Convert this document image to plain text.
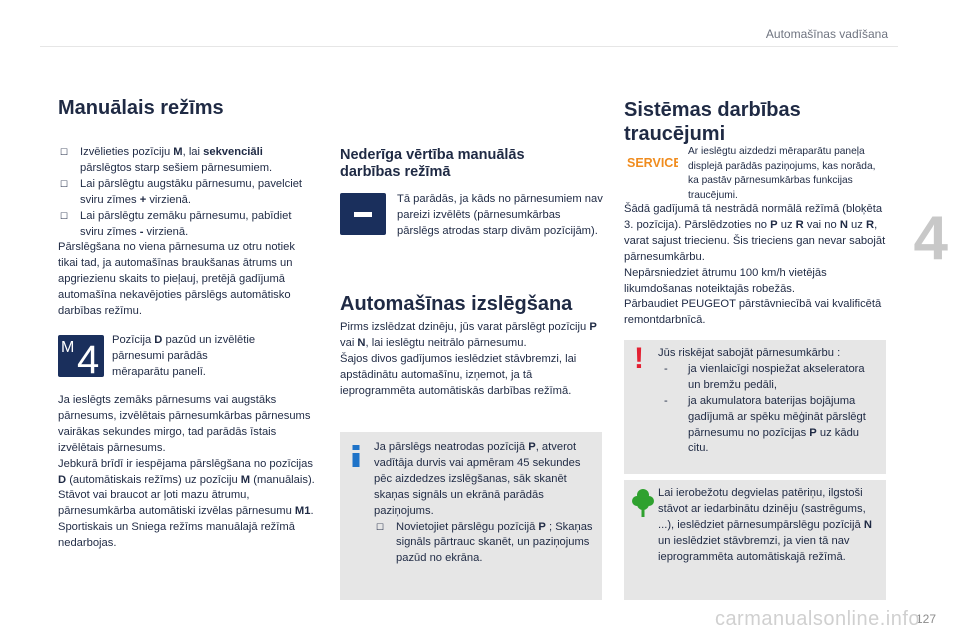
Automašīnas vadīšana
4
Manuālais režīms

☐ Izvēlieties pozīciju M, lai sekvenciāli pārslēgtos starp sešiem pārnesumiem.

☐ Lai pārslēgtu augstāku pārnesumu, pavelciet sviru zīmes + virzienā.

☐ Lai pārslēgtu zemāku pārnesumu, pabīdiet sviru zīmes - virzienā.

Pārslēgšana no viena pārnesuma uz otru notiek tikai tad, ja automašīnas braukšanas ātrums un apgriezienu skaits to pieļauj, pretējā gadījumā automašīna nekavējoties pārslēgs automātisko darbības režīmu.

M 4 Pozīcija D pazūd un izvēlētie pārnesumi parādās mēraparātu panelī.

Ja ieslēgts zemāks pārnesums vai augstāks pārnesums, izvēlētais pārnesumkārbas pārnesums vairākas sekundes mirgo, tad parādās īstais izvēlētais pārnesums.

Jebkurā brīdī ir iespējama pārslēgšana no pozīcijas D (automātiskais režīms) uz pozīciju M (manuālais).

Stāvot vai braucot ar ļoti mazu ātrumu, pārnesumkārba automātiski izvēlas pārnesumu M1.

Sportiskais un Sniega režīms manuālajā režīmā nedarbojas.

Nederīga vērtība manuālās darbības režīmā
Tā parādās, ja kāds no pārnesumiem nav pareizi izvēlēts (pārnesumkārbas pārslēgs atrodas starp divām pozīcijām).
Automašīnas izslēgšana

Pirms izslēdzat dzinēju, jūs varat pārslēgt pozīciju P vai N, lai ieslēgtu neitrālo pārnesumu.

Šajos divos gadījumos ieslēdziet stāvbremzi, lai apstādinātu automašīnu, izņemot, ja tā ieprogrammēta automātiskās darbības režīmā.

Ja pārslēgs neatrodas pozīcijā P, atverot vadītāja durvis vai apmēram 45 sekundes pēc aizdedzes izslēgšanas, sāk skanēt skaņas signāls un ekrānā parādās paziņojums.

☐ Novietojiet pārslēgu pozīcijā P ; Skaņas signāls pārtrauc skanēt, un paziņojums pazūd no ekrāna.

Sistēmas darbības traucējumi
SERVICE
Ar ieslēgtu aizdedzi mēraparātu paneļa displejā parādās paziņojums, kas norāda, ka pastāv pārnesumkārbas funkcijas traucējumi.

Šādā gadījumā tā nestrādā normālā režīmā (bloķēta 3. pozīcija). Pārslēdzoties no P uz R vai no N uz R, varat sajust triecienu. Šis trieciens gan nevar sabojāt pārnesumkārbu.

Nepārsniedziet ātrumu 100 km/h vietējās likumdošanas noteiktajās robežās.

Pārbaudiet PEUGEOT pārstāvniecībā vai kvalificētā remontdarbnīcā.

! Jūs riskējat sabojāt pārnesumkārbu :

- ja vienlaicīgi nospiežat akseleratora un bremžu pedāli,

- ja akumulatora baterijas bojājuma gadījumā ar spēku mēģināt pārslēgt pārnesumu no pozīcijas P uz kādu citu.

Lai ierobežotu degvielas patēriņu, ilgstoši stāvot ar iedarbinātu dzinēju (sastrēgums, ...), ieslēdziet pārnesumpārslēgu pozīcijā N un ieslēdziet stāvbremzi, ja vien tā nav ieprogrammēta automātiskajā režīmā.

127
carmanualsonline.info
